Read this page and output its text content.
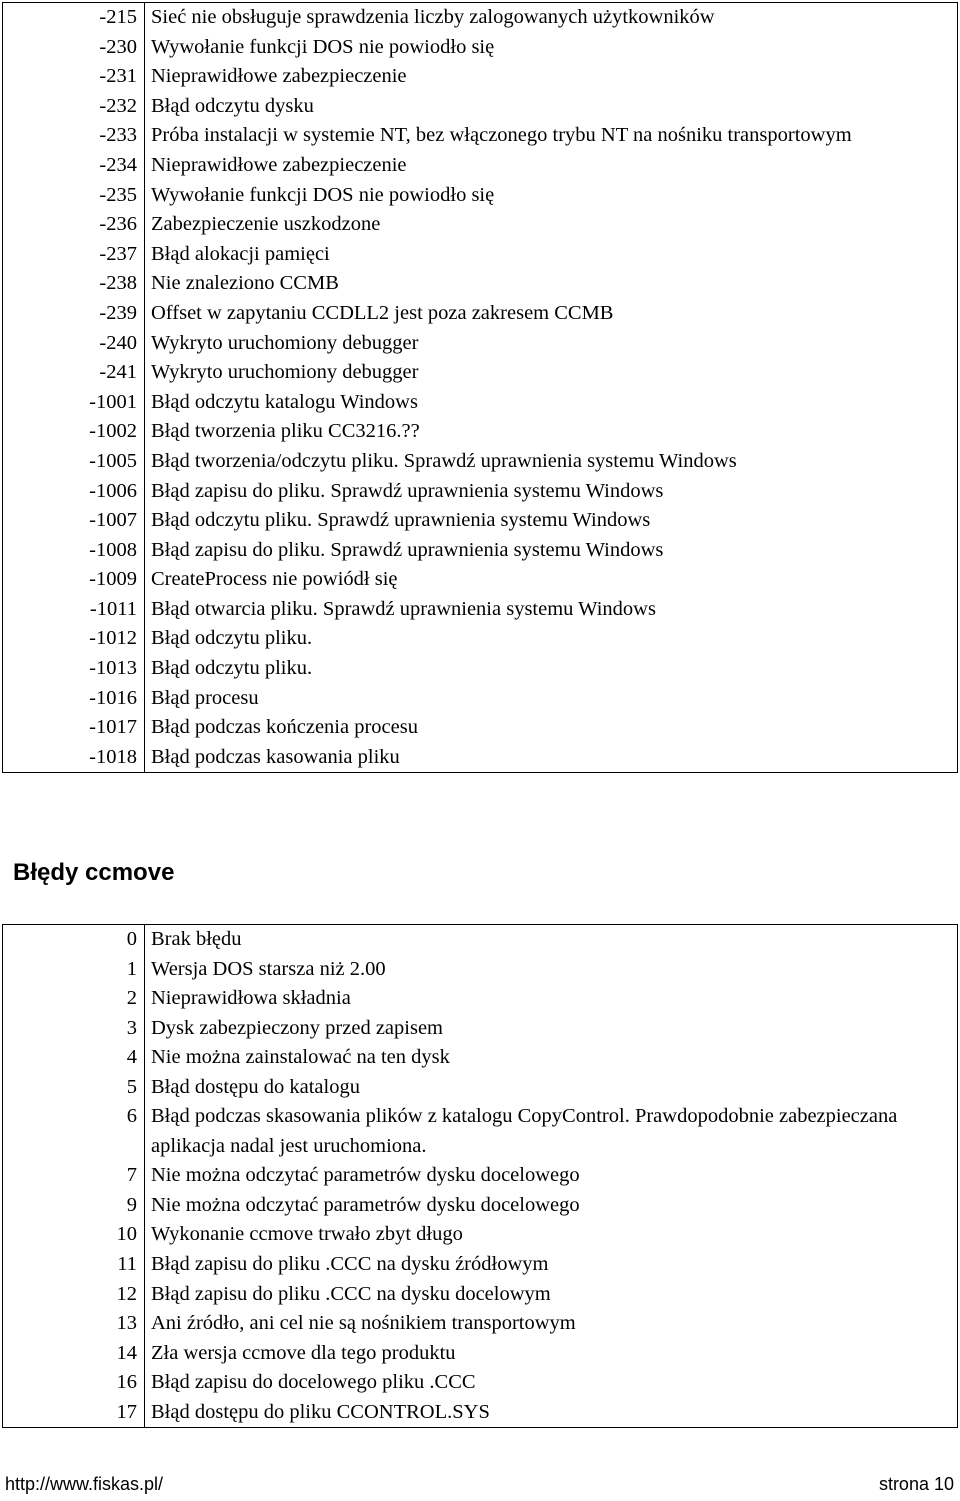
-215	Sieć nie obsługuje sprawdzenia liczby zalogowanych użytkowników
-230	Wywołanie funkcji DOS nie powiodło się
-231	Nieprawidłowe zabezpieczenie
-232	Błąd odczytu dysku
-233	Próba instalacji w systemie NT, bez włączonego trybu NT na nośniku transportowym
-234	Nieprawidłowe zabezpieczenie
-235	Wywołanie funkcji DOS nie powiodło się
-236	Zabezpieczenie uszkodzone
-237	Błąd alokacji pamięci
-238	Nie znaleziono CCMB
-239	Offset w zapytaniu CCDLL2 jest poza zakresem CCMB
-240	Wykryto uruchomiony debugger
-241	Wykryto uruchomiony debugger
-1001	Błąd odczytu katalogu Windows
-1002	Błąd tworzenia pliku CC3216.??
-1005	Błąd tworzenia/odczytu pliku. Sprawdź uprawnienia systemu Windows
-1006	Błąd zapisu do pliku. Sprawdź uprawnienia systemu Windows
-1007	Błąd odczytu pliku. Sprawdź uprawnienia systemu Windows
-1008	Błąd zapisu do pliku. Sprawdź uprawnienia systemu Windows
-1009	CreateProcess nie powiódł się
-1011	Błąd otwarcia pliku. Sprawdź uprawnienia systemu Windows
-1012	Błąd odczytu pliku.
-1013	Błąd odczytu pliku.
-1016	Błąd procesu
-1017	Błąd podczas kończenia procesu
-1018	Błąd podczas kasowania pliku
Błędy ccmove
0	Brak błędu
1	Wersja DOS starsza niż 2.00
2	Nieprawidłowa składnia
3	Dysk zabezpieczony przed zapisem
4	Nie można zainstalować na ten dysk
5	Błąd dostępu do katalogu
6	Błąd podczas skasowania plików z katalogu CopyControl. Prawdopodobnie zabezpieczana aplikacja nadal jest uruchomiona.
7	Nie można odczytać parametrów dysku docelowego
9	Nie można odczytać parametrów dysku docelowego
10	Wykonanie ccmove trwało zbyt długo
11	Błąd zapisu do pliku .CCC na dysku źródłowym
12	Błąd zapisu do pliku .CCC na dysku docelowym
13	Ani źródło, ani cel nie są nośnikiem transportowym
14	Zła wersja ccmove dla tego produktu
16	Błąd zapisu do docelowego pliku .CCC
17	Błąd dostępu do pliku CCONTROL.SYS
http://www.fiskas.pl/	strona 10
